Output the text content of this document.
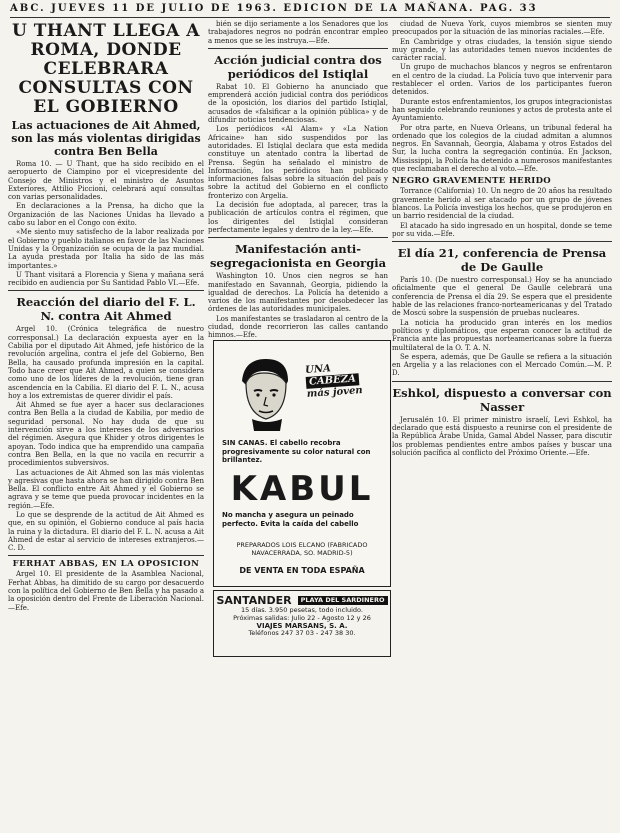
ABC. JUEVES 11 DE JULIO DE 1963. EDICION DE LA MAÑANA. PAG. 33
U THANT LLEGA A ROMA, DONDE CELEBRARA CONSULTAS CON EL GOBIERNO
Las actuaciones de Ait Ahmed, son las más violentas dirigidas contra Ben Bella
Roma 10. — U Thant, que ha sido recibido en el aeropuerto de Ciampino por el vicepresidente del Consejo de Ministros y el ministro de Asuntos Exteriores, Attilio Piccioni, celebrará aquí consultas con varias personalidades.
En declaraciones a la Prensa, ha dicho que la Organización de las Naciones Unidas ha llevado a cabo su labor en el Congo con éxito.
«Me siento muy satisfecho de la labor realizada por el Gobierno y pueblo italianos en favor de las Naciones Unidas y la Organización se ocupa de la paz mundial. La ayuda prestada por Italia ha sido de las más importantes.»
U Thant visitará a Florencia y Siena y mañana será recibido en audiencia por Su Santidad Pablo VI.—Efe.
Reacción del diario del F. L. N. contra Ait Ahmed
Argel 10. (Crónica telegráfica de nuestro corresponsal.) La declaración expuesta ayer en la Cabilia por el diputado Ait Ahmed, jefe histórico de la revolución argelina, contra el jefe del Gobierno, Ben Bella, ha causado profunda impresión en la capital. Todo hace creer que Ait Ahmed, a quien se considera como uno de los líderes de la revolución, tiene gran ascendencia en la Cabilia. El diario del F. L. N., acusa hoy a los extremistas de querer dividir el país.
Ait Ahmed se fue ayer a hacer sus declaraciones contra Ben Bella a la ciudad de Kabilia, por medio de seguridad personal. No hay duda de que su intervención sirve a los intereses de los adversarios del régimen. Asegura que Khider y otros dirigentes le apoyan. Todo indica que ha emprendido una campaña contra Ben Bella, en la que no vacila en recurrir a procedimientos subversivos.
Las actuaciones de Ait Ahmed son las más violentas y agresivas que hasta ahora se han dirigido contra Ben Bella. El conflicto entre Ait Ahmed y el Gobierno se agrava y se teme que pueda provocar incidentes en la región.—Efe.
Lo que se desprende de la actitud de Ait Ahmed es que, en su opinión, el Gobierno conduce al país hacia la ruina y la dictadura. El diario del F. L. N. acusa a Ait Ahmed de estar al servicio de intereses extranjeros.—C. D.
FERHAT ABBAS, EN LA OPOSICION
Argel 10. El presidente de la Asamblea Nacional, Ferhat Abbas, ha dimitido de su cargo por desacuerdo con la política del Gobierno de Ben Bella y ha pasado a la oposición dentro del Frente de Liberación Nacional.—Efe.
bién se dijo seriamente a los Senadores que los trabajadores negros no podrán encontrar empleo a menos que se les instruya.—Efe.
Acción judicial contra dos periódicos del Istiqlal
Rabat 10. El Gobierno ha anunciado que emprenderá acción judicial contra dos periódicos de la oposición, los diarios del partido Istiqlal, acusados de «falsificar a la opinión pública» y de difundir noticias tendenciosas.
Los periódicos «Al Alam» y «La Nation Africaine» han sido suspendidos por las autoridades. El Istiqlal declara que esta medida constituye un atentado contra la libertad de Prensa. Según ha señalado el ministro de Información, los periódicos han publicado informaciones falsas sobre la situación del país y sobre la actitud del Gobierno en el conflicto fronterizo con Argelia.
La decisión fue adoptada, al parecer, tras la publicación de artículos contra el régimen, que los dirigentes del Istiqlal consideran perfectamente legales y dentro de la ley.—Efe.
Manifestación anti-segregacionista en Georgia
Washington 10. Unos cien negros se han manifestado en Savannah, Georgia, pidiendo la igualdad de derechos. La Policía ha detenido a varios de los manifestantes por desobedecer las órdenes de las autoridades municipales.
Los manifestantes se trasladaron al centro de la ciudad, donde recorrieron las calles cantando himnos.—Efe.
UNA
CABEZA
más joven
SIN CANAS. El cabello recobra progresivamente su color natural con brillantez.
KABUL
No mancha y asegura un peinado perfecto. Evita la caída del cabello
PREPARADOS LOIS ELCANO (FABRICADO NAVACERRADA, SO. MADRID-5)
DE VENTA EN TODA ESPAÑA
SANTANDER	PLAYA DEL SARDINERO
15 días. 3.950 pesetas, todo incluido.
Próximas salidas: Julio 22 - Agosto 12 y 26
VIAJES MARSANS, S. A.
Teléfonos 247 37 03 - 247 38 30.
ciudad de Nueva York, cuyos miembros se sienten muy preocupados por la situación de las minorías raciales.—Efe.
En Cambridge y otras ciudades, la tensión sigue siendo muy grande, y las autoridades temen nuevos incidentes de carácter racial.
Un grupo de muchachos blancos y negros se enfrentaron en el centro de la ciudad. La Policía tuvo que intervenir para restablecer el orden. Varios de los participantes fueron detenidos.
Durante estos enfrentamientos, los grupos integracionistas han seguido celebrando reuniones y actos de protesta ante el Ayuntamiento.
Por otra parte, en Nueva Orleans, un tribunal federal ha ordenado que los colegios de la ciudad admitan a alumnos negros. En Savannah, Georgia, Alabama y otros Estados del Sur, la lucha contra la segregación continúa. En Jackson, Mississippi, la Policía ha detenido a numerosos manifestantes que reclamaban el derecho al voto.—Efe.
NEGRO GRAVEMENTE HERIDO
Torrance (California) 10. Un negro de 20 años ha resultado gravemente herido al ser atacado por un grupo de jóvenes blancos. La Policía investiga los hechos, que se produjeron en un barrio residencial de la ciudad.
El atacado ha sido ingresado en un hospital, donde se teme por su vida.—Efe.
El día 21, conferencia de Prensa de De Gaulle
París 10. (De nuestro corresponsal.) Hoy se ha anunciado oficialmente que el general De Gaulle celebrará una conferencia de Prensa el día 29. Se espera que el presidente hable de las relaciones franco-norteamericanas y del Tratado de Moscú sobre la suspensión de pruebas nucleares.
La noticia ha producido gran interés en los medios políticos y diplomáticos, que esperan conocer la actitud de Francia ante las propuestas norteamericanas sobre la fuerza multilateral de la O. T. A. N.
Se espera, además, que De Gaulle se refiera a la situación en Argelia y a las relaciones con el Mercado Común.—M. P. D.
Eshkol, dispuesto a conversar con Nasser
Jerusalén 10. El primer ministro israelí, Levi Eshkol, ha declarado que está dispuesto a reunirse con el presidente de la República Árabe Unida, Gamal Abdel Nasser, para discutir los problemas pendientes entre ambos países y buscar una solución pacífica al conflicto del Próximo Oriente.—Efe.
